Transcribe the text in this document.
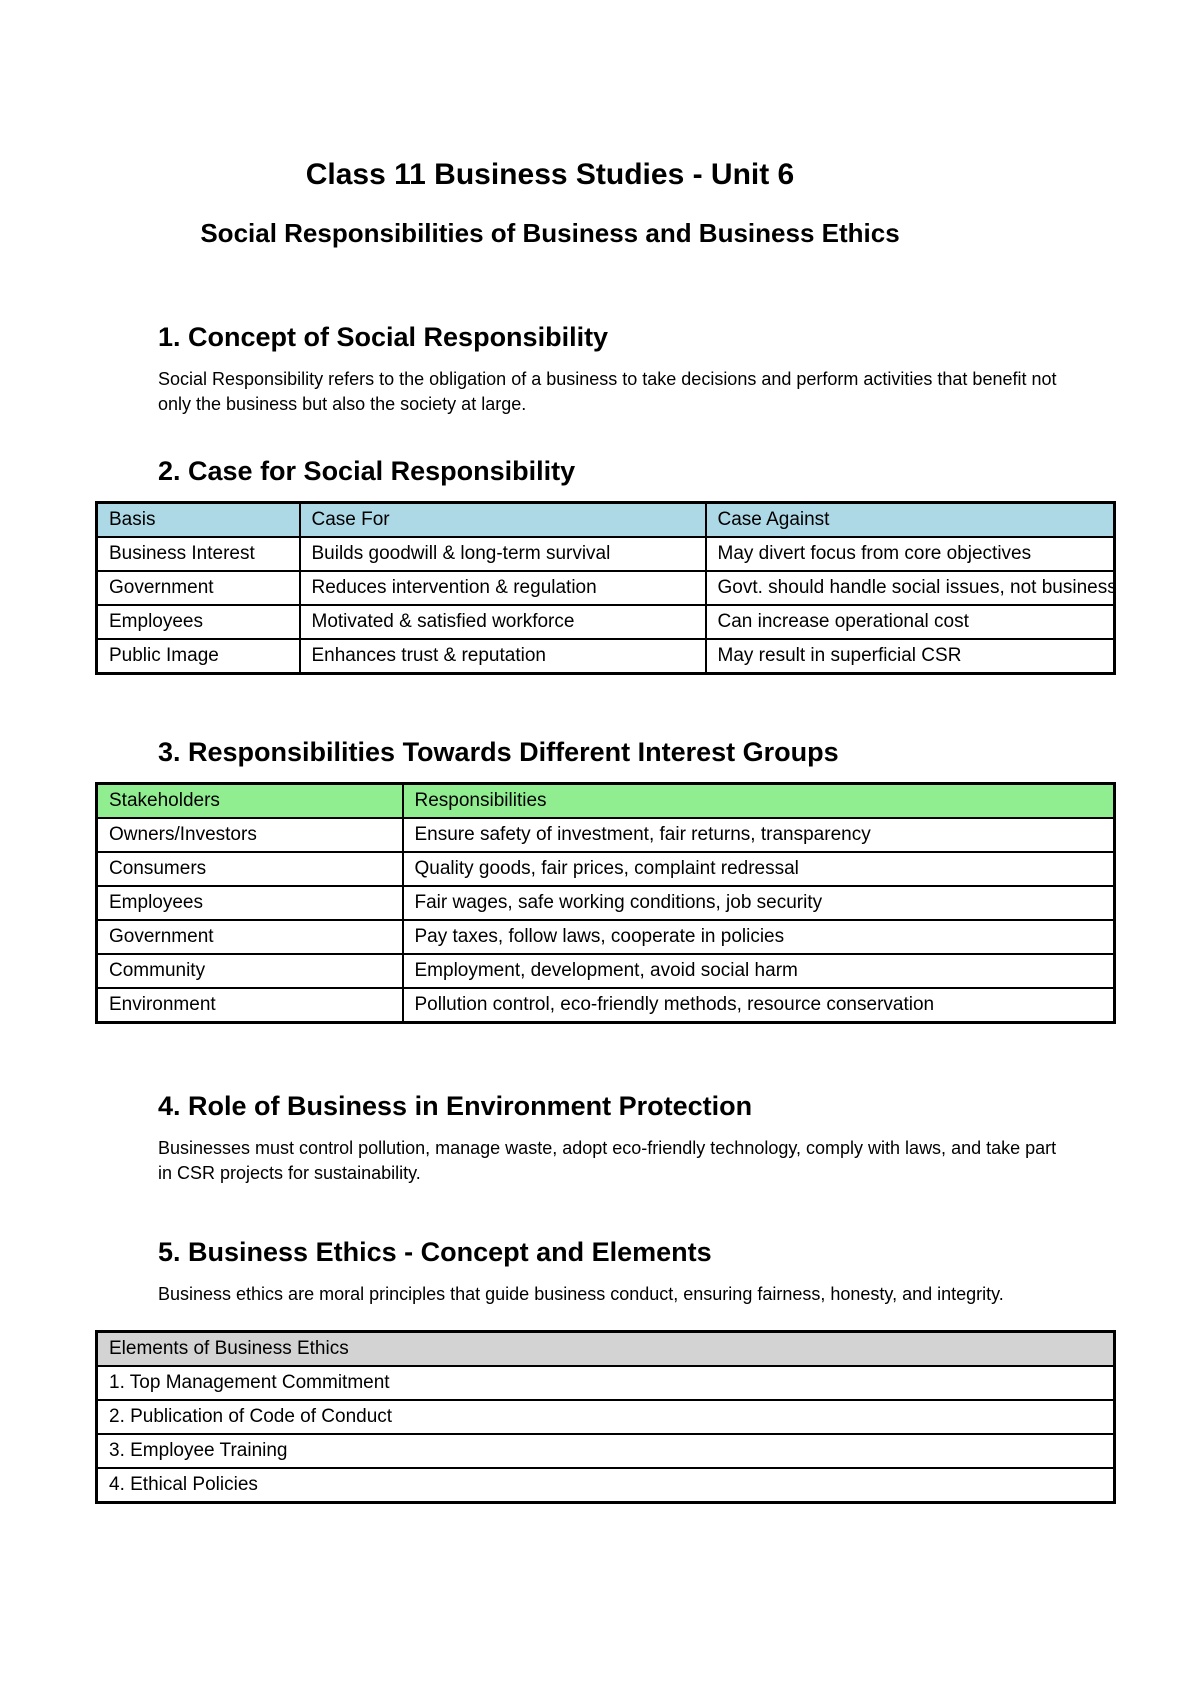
Class 11 Business Studies - Unit 6
Social Responsibilities of Business and Business Ethics
1. Concept of Social Responsibility

Social Responsibility refers to the obligation of a business to take decisions and perform activities that benefit not only the business but also the society at large.

2. Case for Social Responsibility
Basis	Case For	Case Against
Business Interest	Builds goodwill & long-term survival	May divert focus from core objectives
Government	Reduces intervention & regulation	Govt. should handle social issues, not business
Employees	Motivated & satisfied workforce	Can increase operational cost
Public Image	Enhances trust & reputation	May result in superficial CSR
3. Responsibilities Towards Different Interest Groups
Stakeholders	Responsibilities
Owners/Investors	Ensure safety of investment, fair returns, transparency
Consumers	Quality goods, fair prices, complaint redressal
Employees	Fair wages, safe working conditions, job security
Government	Pay taxes, follow laws, cooperate in policies
Community	Employment, development, avoid social harm
Environment	Pollution control, eco-friendly methods, resource conservation
4. Role of Business in Environment Protection

Businesses must control pollution, manage waste, adopt eco-friendly technology, comply with laws, and take part in CSR projects for sustainability.

5. Business Ethics - Concept and Elements

Business ethics are moral principles that guide business conduct, ensuring fairness, honesty, and integrity.

Elements of Business Ethics
1. Top Management Commitment
2. Publication of Code of Conduct
3. Employee Training
4. Ethical Policies
